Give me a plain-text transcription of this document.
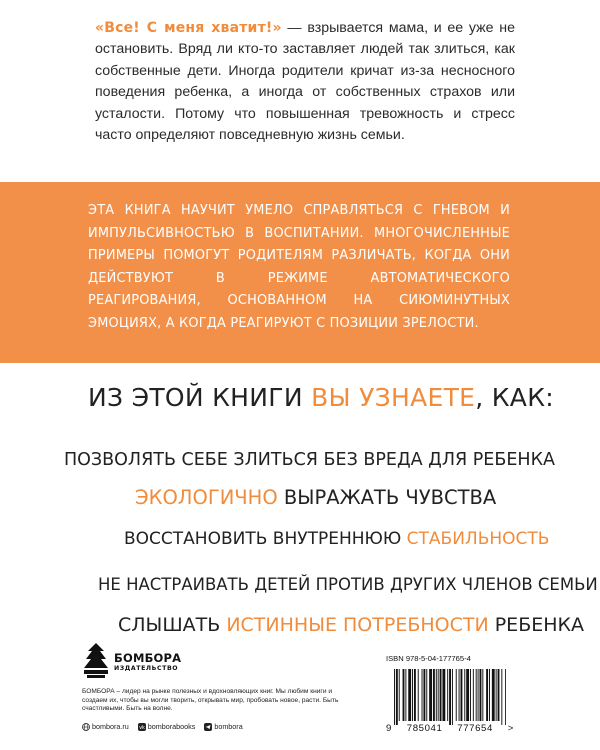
«Все! С меня хватит!» — взрывается мама, и ее уже не остановить. Вряд ли кто-то заставляет людей так злиться, как собственные дети. Иногда родители кричат из-за несносного поведения ребенка, а иногда от собственных страхов или усталости. Потому что повышенная тревожность и стресс часто определяют повседневную жизнь семьи.
ЭТА КНИГА НАУЧИТ УМЕЛО СПРАВЛЯТЬСЯ С ГНЕВОМ И ИМПУЛЬСИВНОСТЬЮ В ВОСПИТАНИИ. МНОГОЧИСЛЕННЫЕ ПРИМЕРЫ ПОМОГУТ РОДИТЕЛЯМ РАЗЛИЧАТЬ, КОГДА ОНИ ДЕЙСТВУЮТ В РЕЖИМЕ АВТОМАТИЧЕСКОГО РЕАГИРОВАНИЯ, ОСНОВАННОМ НА СИЮМИНУТНЫХ ЭМОЦИЯХ, А КОГДА РЕАГИРУЮТ С ПОЗИЦИИ ЗРЕЛОСТИ.
ИЗ ЭТОЙ КНИГИ ВЫ УЗНАЕТЕ, КАК:
ПОЗВОЛЯТЬ СЕБЕ ЗЛИТЬСЯ БЕЗ ВРЕДА ДЛЯ РЕБЕНКА
ЭКОЛОГИЧНО ВЫРАЖАТЬ ЧУВСТВА
ВОССТАНОВИТЬ ВНУТРЕННЮЮ СТАБИЛЬНОСТЬ
НЕ НАСТРАИВАТЬ ДЕТЕЙ ПРОТИВ ДРУГИХ ЧЛЕНОВ СЕМЬИ
СЛЫШАТЬ ИСТИННЫЕ ПОТРЕБНОСТИ РЕБЕНКА
БОМБОРА
ИЗДАТЕЛЬСТВО
БОМБОРА – лидер на рынке полезных и вдохновляющих книг. Мы любим книги и создаем их, чтобы вы могли творить, открывать мир, пробовать новое, расти. Быть счастливыми. Быть на волне.
bombora.ru vk bomborabooks	bombora
ISBN 978-5-04-177765-4
9 785041 777654 >
